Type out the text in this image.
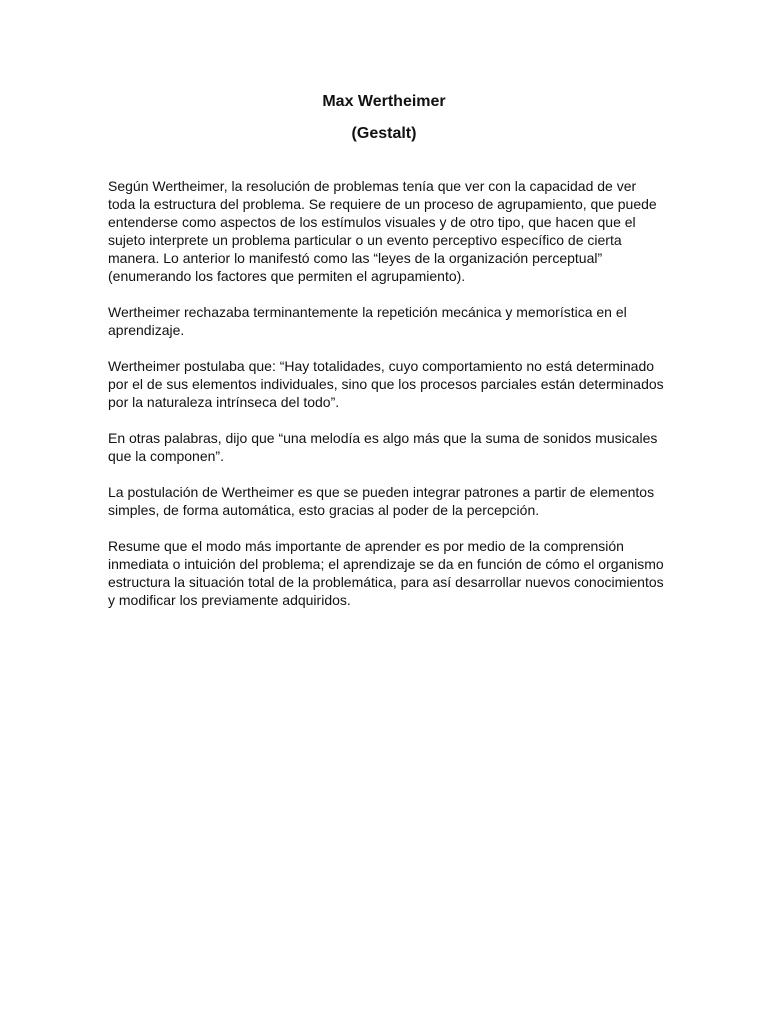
Max Wertheimer
(Gestalt)

Según Wertheimer, la resolución de problemas tenía que ver con la capacidad de ver toda la estructura del problema. Se requiere de un proceso de agrupamiento, que puede entenderse como aspectos de los estímulos visuales y de otro tipo, que hacen que el sujeto interprete un problema particular o un evento perceptivo específico de cierta manera. Lo anterior lo manifestó como las “leyes de la organización perceptual” (enumerando los factores que permiten el agrupamiento).

Wertheimer rechazaba terminantemente la repetición mecánica y memorística en el aprendizaje.

Wertheimer postulaba que: “Hay totalidades, cuyo comportamiento no está determinado por el de sus elementos individuales, sino que los procesos parciales están determinados por la naturaleza intrínseca del todo”.

En otras palabras, dijo que “una melodía es algo más que la suma de sonidos musicales que la componen”.

La postulación de Wertheimer es que se pueden integrar patrones a partir de elementos simples, de forma automática, esto gracias al poder de la percepción.

Resume que el modo más importante de aprender es por medio de la comprensión inmediata o intuición del problema; el aprendizaje se da en función de cómo el organismo estructura la situación total de la problemática, para así desarrollar nuevos conocimientos y modificar los previamente adquiridos.
